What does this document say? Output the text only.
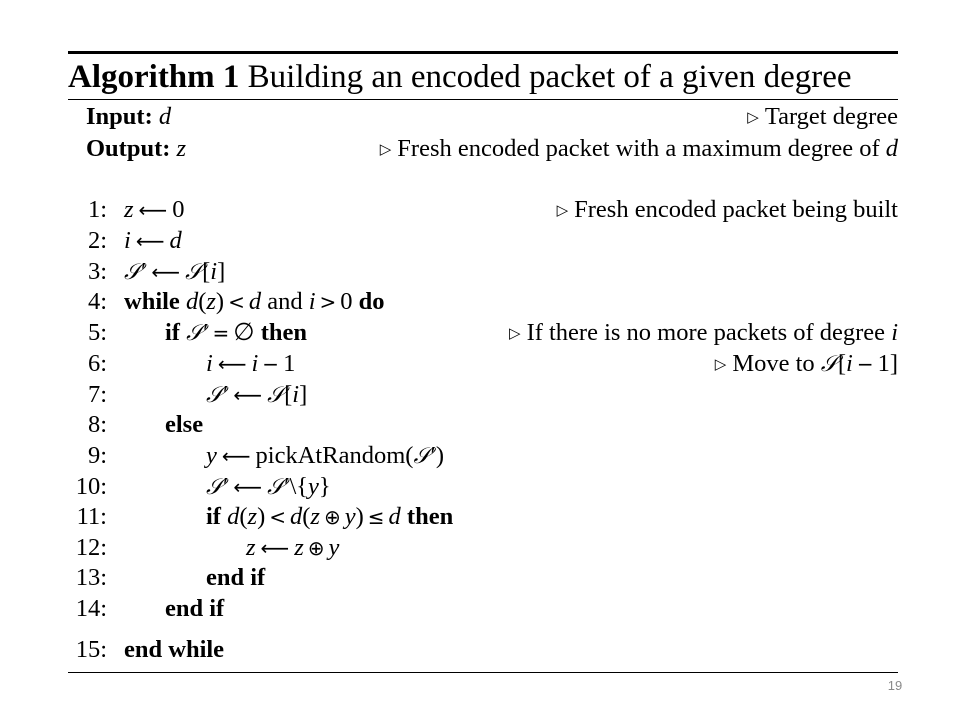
Algorithm 1 Building an encoded packet of a given degree
Input: d	▷ Target degree
Output: z	▷ Fresh encoded packet with a maximum degree of d
1: z ⟵ 0	▷ Fresh encoded packet being built
2: i ⟵ d
3: 𝒮′ ⟵ 𝒮[i]
4: while d(z) < d and i > 0 do
5: if 𝒮′ = ∅ then	▷ If there is no more packets of degree i
6:	i ⟵ i − 1	▷ Move to 𝒮[i − 1]
7:	𝒮′ ⟵ 𝒮[i]
8: else
9:	y ⟵ pickAtRandom(𝒮′)
10:	𝒮′ ⟵ 𝒮′\{y}
11:	if d(z) < d(z ⊕ y) ≤ d then
12:	z ⟵ z ⊕ y
13:	end if
14: end if
15: end while
19
